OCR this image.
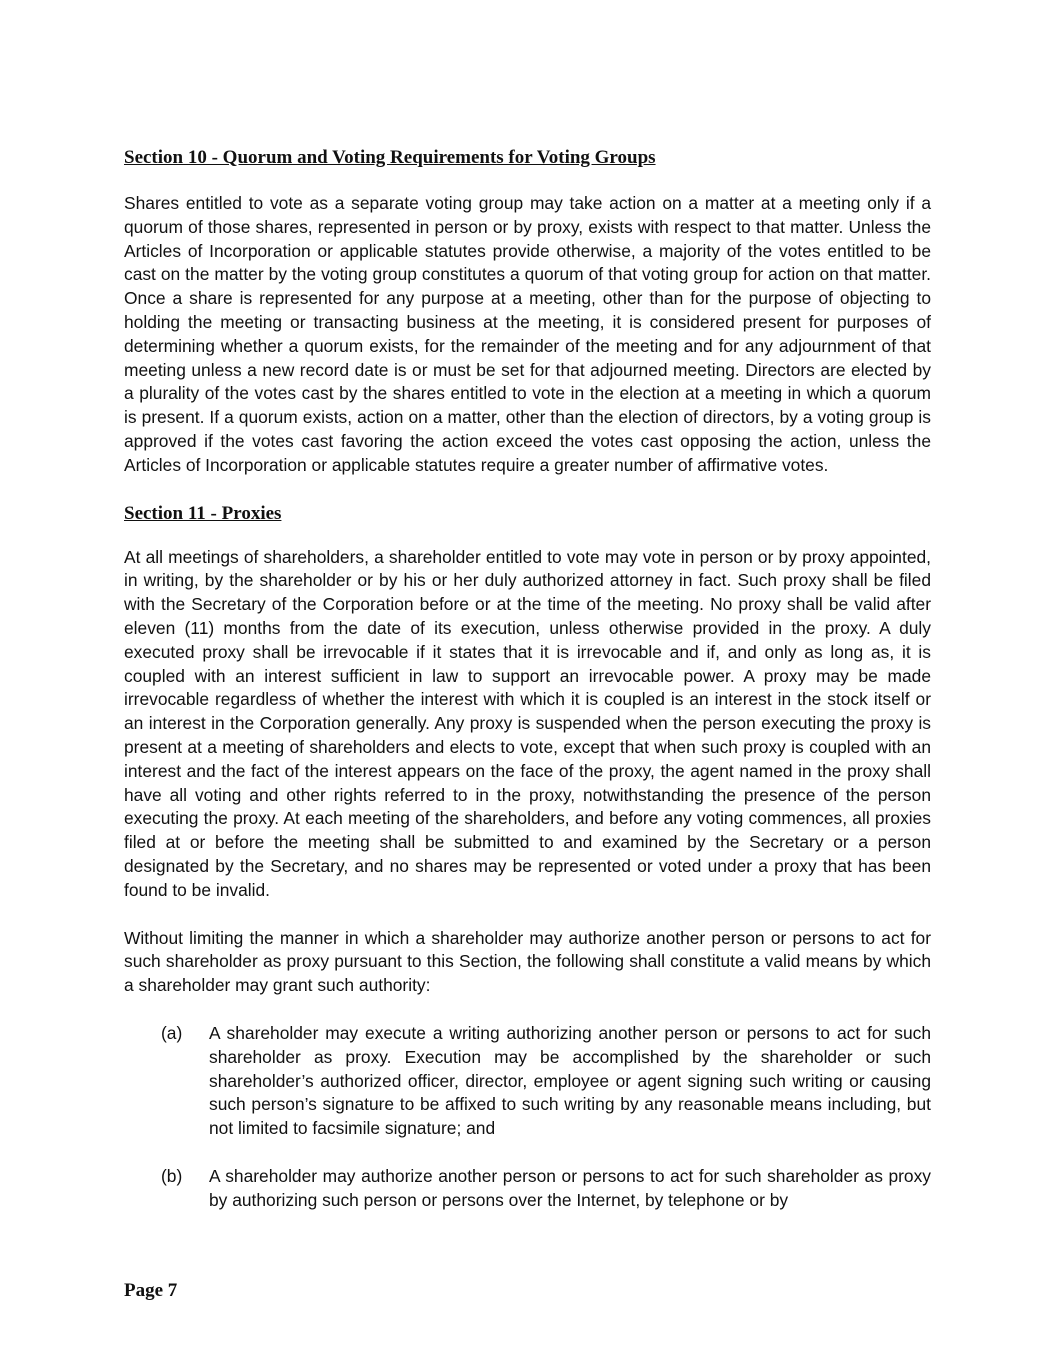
Section 10 - Quorum and Voting Requirements for Voting Groups

Shares entitled to vote as a separate voting group may take action on a matter at a meeting only if a quorum of those shares, represented in person or by proxy, exists with respect to that matter. Unless the Articles of Incorporation or applicable statutes provide otherwise, a majority of the votes entitled to be cast on the matter by the voting group constitutes a quorum of that voting group for action on that matter. Once a share is represented for any purpose at a meeting, other than for the purpose of objecting to holding the meeting or transacting business at the meeting, it is considered present for purposes of determining whether a quorum exists, for the remainder of the meeting and for any adjournment of that meeting unless a new record date is or must be set for that adjourned meeting. Directors are elected by a plurality of the votes cast by the shares entitled to vote in the election at a meeting in which a quorum is present. If a quorum exists, action on a matter, other than the election of directors, by a voting group is approved if the votes cast favoring the action exceed the votes cast opposing the action, unless the Articles of Incorporation or applicable statutes require a greater number of affirmative votes.

Section 11 - Proxies

At all meetings of shareholders, a shareholder entitled to vote may vote in person or by proxy appointed, in writing, by the shareholder or by his or her duly authorized attorney in fact. Such proxy shall be filed with the Secretary of the Corporation before or at the time of the meeting. No proxy shall be valid after eleven (11) months from the date of its execution, unless otherwise provided in the proxy. A duly executed proxy shall be irrevocable if it states that it is irrevocable and if, and only as long as, it is coupled with an interest sufficient in law to support an irrevocable power. A proxy may be made irrevocable regardless of whether the interest with which it is coupled is an interest in the stock itself or an interest in the Corporation generally. Any proxy is suspended when the person executing the proxy is present at a meeting of shareholders and elects to vote, except that when such proxy is coupled with an interest and the fact of the interest appears on the face of the proxy, the agent named in the proxy shall have all voting and other rights referred to in the proxy, notwithstanding the presence of the person executing the proxy. At each meeting of the shareholders, and before any voting commences, all proxies filed at or before the meeting shall be submitted to and examined by the Secretary or a person designated by the Secretary, and no shares may be represented or voted under a proxy that has been found to be invalid.

Without limiting the manner in which a shareholder may authorize another person or persons to act for such shareholder as proxy pursuant to this Section, the following shall constitute a valid means by which a shareholder may grant such authority:

(a)	A shareholder may execute a writing authorizing another person or persons to act for such shareholder as proxy. Execution may be accomplished by the shareholder or such shareholder’s authorized officer, director, employee or agent signing such writing or causing such person’s signature to be affixed to such writing by any reasonable means including, but not limited to facsimile signature; and

(b)	A shareholder may authorize another person or persons to act for such shareholder as proxy by authorizing such person or persons over the Internet, by telephone or by

Page 7
